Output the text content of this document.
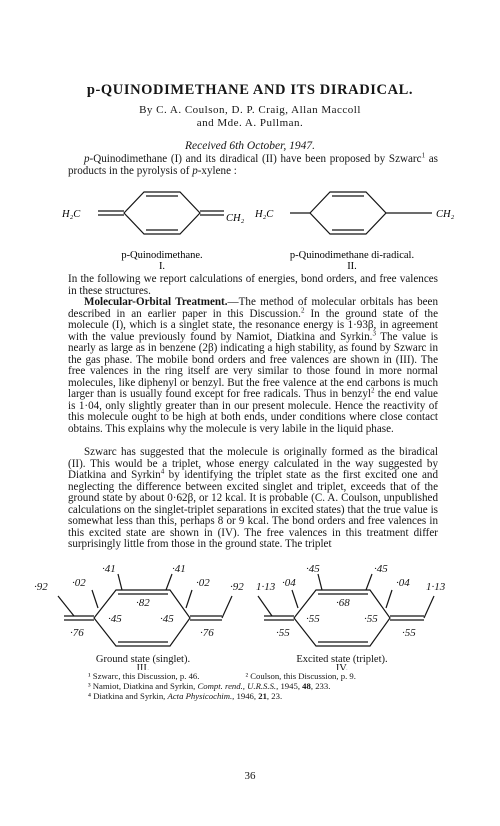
p-QUINODIMETHANE AND ITS DIRADICAL.
By C. A. Coulson, D. P. Craig, Allan Maccoll
and Mde. A. Pullman.
Received 6th October, 1947.

p-Quinodimethane (I) and its diradical (II) have been proposed by Szwarc$^1$ as products in the pyrolysis of p-xylene :

H₂C	CH₂ H₂C	CH₂
p-Quinodimethane.
I.
p-Quinodimethane di-radical.
II.

In the following we report calculations of energies, bond orders, and free valences in these structures.

Molecular-Orbital Treatment.—The method of molecular orbitals has been described in an earlier paper in this Discussion.$^2$ In the ground state of the molecule (I), which is a singlet state, the resonance energy is 1·93β, in agreement with the value previously found by Namiot, Diatkina and Syrkin.$^3$ The value is nearly as large as in benzene (2β) indicating a high stability, as found by Szwarc in the gas phase. The mobile bond orders and free valences are shown in (III). The free valences in the ring itself are very similar to those found in more normal molecules, like diphenyl or benzyl. But the free valence at the end carbons is much larger than is usually found except for free radicals. Thus in benzyl$^2$ the end value is 1·04, only slightly greater than in our present molecule. Hence the reactivity of this molecule ought to be high at both ends, under conditions where close contact obtains. This explains why the molecule is very labile in the liquid phase.

Szwarc has suggested that the molecule is originally formed as the biradical (II). This would be a triplet, whose energy calculated in the way suggested by Diatkina and Syrkin$^4$ by identifying the triplet state as the first excited one and neglecting the difference between excited singlet and triplet, exceeds that of the ground state by about 0·62β, or 12 kcal. It is probable (C. A. Coulson, unpublished calculations on the singlet-triplet separations in excited states) that the true value is somewhat less than this, perhaps 8 or 9 kcal. The bond orders and free valences in this excited state are shown in (IV). The free valences in this treatment differ surprisingly little from those in the ground state. The triplet

·92 ·02
·41	·41
·02 ·92
·76
·45
·82
·45
·76
1·13 ·04
·45	·45
·04 1·13
·55
·55
·68
·55
·55
Ground state (singlet).
III.
Excited state (triplet).
IV.
¹ Szwarc, this Discussion, p. 46.	² Coulson, this Discussion, p. 9.
³ Namiot, Diatkina and Syrkin, Compt. rend., U.R.S.S., 1945, 48, 233.
⁴ Diatkina and Syrkin, Acta Physicochim., 1946, 21, 23.
36
